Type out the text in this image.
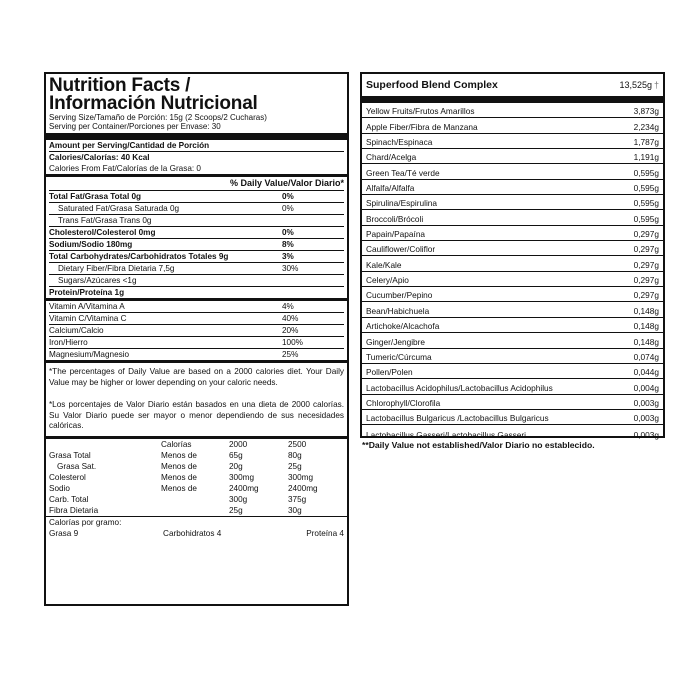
Nutrition Facts /
Información Nutricional
Serving Size/Tamaño de Porción: 15g (2 Scoops/2 Cucharas)
Serving per Container/Porciones per Envase: 30
Amount per Serving/Cantidad de Porción
Calories/Calorías: 40 Kcal
Calories From Fat/Calorías de la Grasa: 0
% Daily Value/Valor Diario*
Total Fat/Grasa Total 0g	0%
Saturated Fat/Grasa Saturada 0g	0%
Trans Fat/Grasa Trans 0g
Cholesterol/Colesterol 0mg	0%
Sodium/Sodio 180mg	8%
Total Carbohydrates/Carbohidratos Totales 9g	3%
Dietary Fiber/Fibra Dietaria 7,5g	30%
Sugars/Azúcares <1g
Protein/Proteína 1g
Vitamin A/Vitamina A	4%
Vitamin C/Vitamina C	40%
Calcium/Calcio	20%
Iron/Hierro	100%
Magnesium/Magnesio	25%
*The percentages of Daily Value are based on a 2000 calories diet. Your Daily Value may be higher or lower depending on your caloric needs.
*Los porcentajes de Valor Diario están basados en una dieta de 2000 calorías. Su Valor Diario puede ser mayor o menor dependiendo de sus necesidades calóricas.
	Calorías	2000	2500
Grasa Total	Menos de	65g	80g
Grasa Sat.	Menos de	20g	25g
Colesterol	Menos de	300mg	300mg
Sodio	Menos de	2400mg	2400mg
Carb. Total		300g	375g
Fibra Dietaria		25g	30g
Calorías por gramo:
Grasa 9	Carbohidratos 4	Proteína 4
Superfood Blend Complex	13,525g †
Yellow Fruits/Frutos Amarillos	3,873g
Apple Fiber/Fibra de Manzana	2,234g
Spinach/Espinaca	1,787g
Chard/Acelga	1,191g
Green Tea/Té verde	0,595g
Alfalfa/Alfalfa	0,595g
Spirulina/Espirulina	0,595g
Broccoli/Brócoli	0,595g
Papain/Papaína	0,297g
Cauliflower/Coliflor	0,297g
Kale/Kale	0,297g
Celery/Apio	0,297g
Cucumber/Pepino	0,297g
Bean/Habichuela	0,148g
Artichoke/Alcachofa	0,148g
Ginger/Jengibre	0,148g
Tumeric/Cúrcuma	0,074g
Pollen/Polen	0,044g
Lactobacillus Acidophilus/Lactobacillus Acidophilus	0,004g
Chlorophyll/Clorofila	0,003g
Lactobacillus Bulgaricus /Lactobacillus Bulgaricus	0,003g
Lactobacillus Gasseri/Lactobacillus Gasseri	0,003g
**Daily Value not established/Valor Diario no establecido.
